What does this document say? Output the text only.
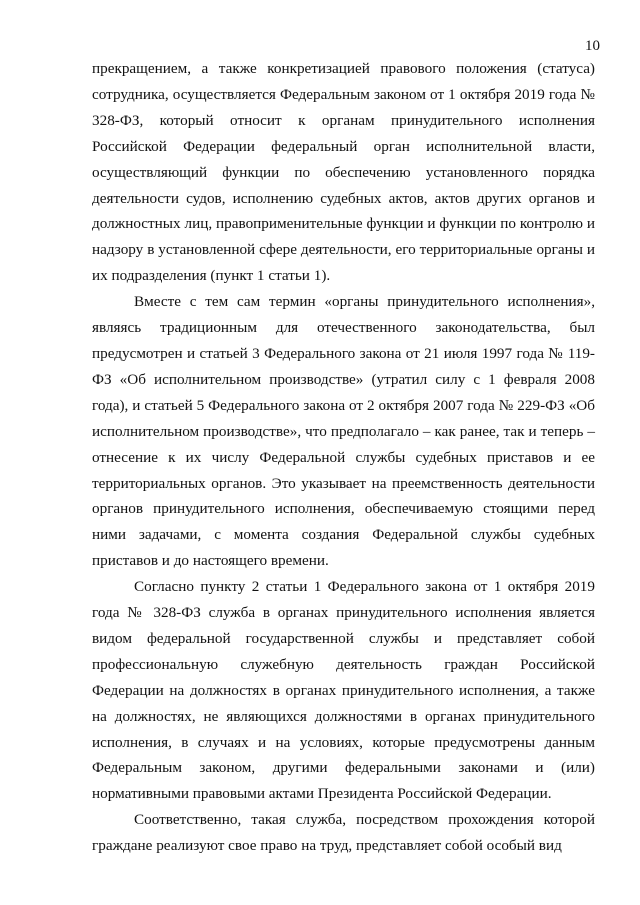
10

прекращением, а также конкретизацией правового положения (статуса) сотрудника, осуществляется Федеральным законом от 1 октября 2019 года № 328-ФЗ, который относит к органам принудительного исполнения Российской Федерации федеральный орган исполнительной власти, осуществляющий функции по обеспечению установленного порядка деятельности судов, исполнению судебных актов, актов других органов и должностных лиц, правоприменительные функции и функции по контролю и надзору в установленной сфере деятельности, его территориальные органы и их подразделения (пункт 1 статьи 1).

Вместе с тем сам термин «органы принудительного исполнения», являясь традиционным для отечественного законодательства, был предусмотрен и статьей 3 Федерального закона от 21 июля 1997 года № 119-ФЗ «Об исполнительном производстве» (утратил силу с 1 февраля 2008 года), и статьей 5 Федерального закона от 2 октября 2007 года № 229-ФЗ «Об исполнительном производстве», что предполагало – как ранее, так и теперь – отнесение к их числу Федеральной службы судебных приставов и ее территориальных органов. Это указывает на преемственность деятельности органов принудительного исполнения, обеспечиваемую стоящими перед ними задачами, с момента создания Федеральной службы судебных приставов и до настоящего времени.

Согласно пункту 2 статьи 1 Федерального закона от 1 октября 2019 года № 328-ФЗ служба в органах принудительного исполнения является видом федеральной государственной службы и представляет собой профессиональную служебную деятельность граждан Российской Федерации на должностях в органах принудительного исполнения, а также на должностях, не являющихся должностями в органах принудительного исполнения, в случаях и на условиях, которые предусмотрены данным Федеральным законом, другими федеральными законами и (или) нормативными правовыми актами Президента Российской Федерации.

Соответственно, такая служба, посредством прохождения которой граждане реализуют свое право на труд, представляет собой особый вид
